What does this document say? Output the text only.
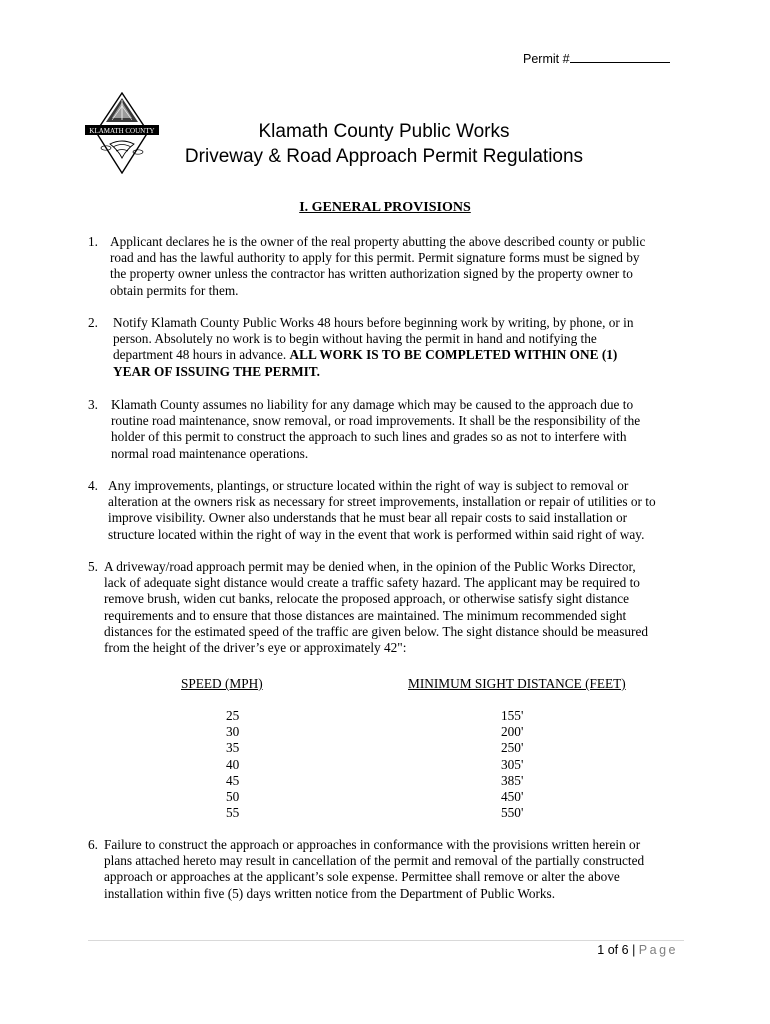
Permit #
KLAMATH COUNTY	Klamath County Public Works
Driveway & Road Approach Permit Regulations
I. GENERAL PROVISIONS
1. Applicant declares he is the owner of the real property abutting the above described county or public
road and has the lawful authority to apply for this permit. Permit signature forms must be signed by
the property owner unless the contractor has written authorization signed by the property owner to
obtain permits for them.
2. Notify Klamath County Public Works 48 hours before beginning work by writing, by phone, or in
person. Absolutely no work is to begin without having the permit in hand and notifying the
department 48 hours in advance. ALL WORK IS TO BE COMPLETED WITHIN ONE (1)
YEAR OF ISSUING THE PERMIT.
3. Klamath County assumes no liability for any damage which may be caused to the approach due to
routine road maintenance, snow removal, or road improvements. It shall be the responsibility of the
holder of this permit to construct the approach to such lines and grades so as not to interfere with
normal road maintenance operations.
4. Any improvements, plantings, or structure located within the right of way is subject to removal or
alteration at the owners risk as necessary for street improvements, installation or repair of utilities or to
improve visibility. Owner also understands that he must bear all repair costs to said installation or
structure located within the right of way in the event that work is performed within said right of way.
5. A driveway/road approach permit may be denied when, in the opinion of the Public Works Director,
lack of adequate sight distance would create a traffic safety hazard. The applicant may be required to
remove brush, widen cut banks, relocate the proposed approach, or otherwise satisfy sight distance
requirements and to ensure that those distances are maintained. The minimum recommended sight
distances for the estimated speed of the traffic are given below. The sight distance should be measured
from the height of the driver’s eye or approximately 42":
SPEED (MPH)	MINIMUM SIGHT DISTANCE (FEET)
25
30
35
40
45
50
55
155'
200'
250'
305'
385'
450'
550'
6. Failure to construct the approach or approaches in conformance with the provisions written herein or
plans attached hereto may result in cancellation of the permit and removal of the partially constructed
approach or approaches at the applicant’s sole expense. Permittee shall remove or alter the above
installation within five (5) days written notice from the Department of Public Works.
1 of 6 | Page
